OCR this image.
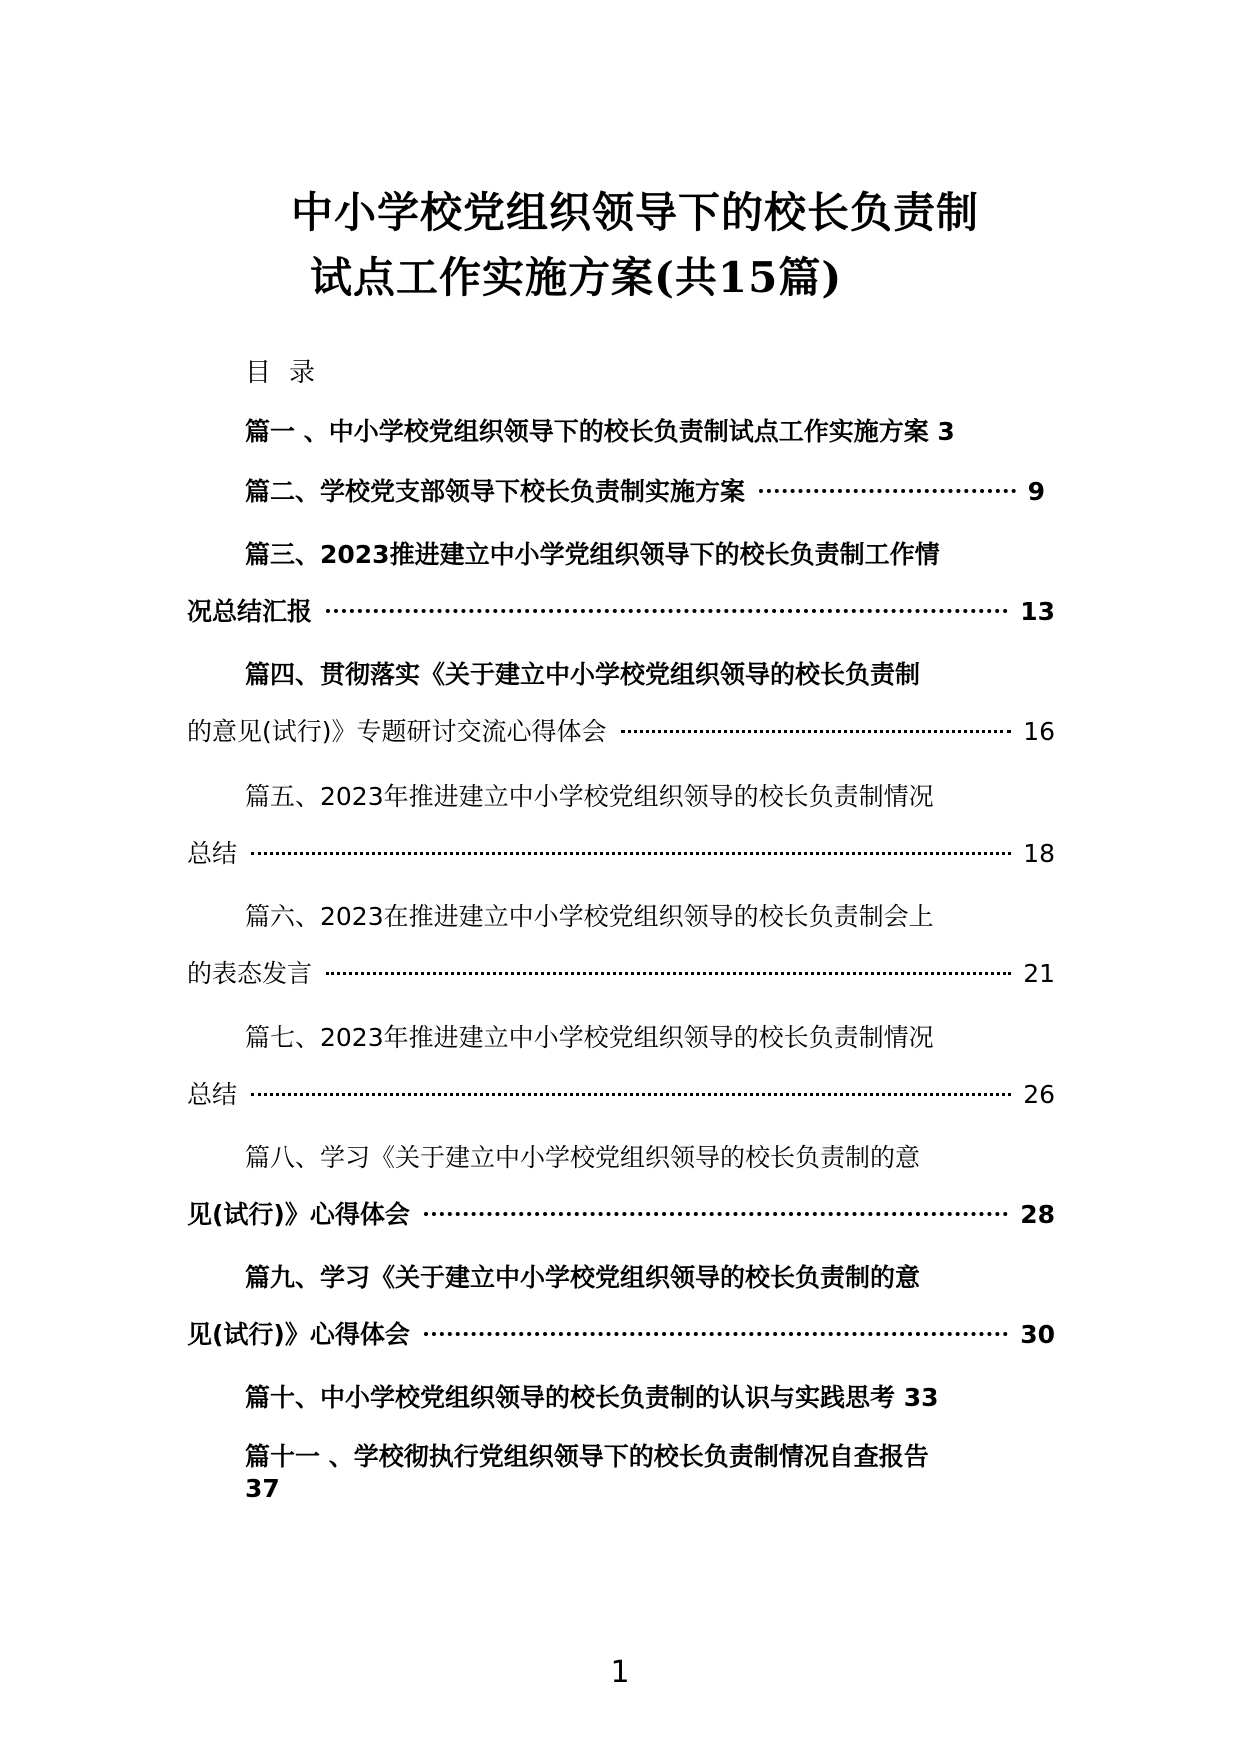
中小学校党组织领导下的校长负责制
试点工作实施方案(共15篇)
目录
篇一 、中小学校党组织领导下的校长负责制试点工作实施方案 3
篇二、学校党支部领导下校长负责制实施方案	9
篇三、2023推进建立中小学党组织领导下的校长负责制工作情
况总结汇报	13
篇四、贯彻落实《关于建立中小学校党组织领导的校长负责制
的意见(试行)》专题研讨交流心得体会	16
篇五、2023年推进建立中小学校党组织领导的校长负责制情况
总结	18
篇六、2023在推进建立中小学校党组织领导的校长负责制会上
的表态发言	21
篇七、2023年推进建立中小学校党组织领导的校长负责制情况
总结	26
篇八、学习《关于建立中小学校党组织领导的校长负责制的意
见(试行)》心得体会	28
篇九、学习《关于建立中小学校党组织领导的校长负责制的意
见(试行)》心得体会	30
篇十、中小学校党组织领导的校长负责制的认识与实践思考 33
篇十一 、学校彻执行党组织领导下的校长负责制情况自查报告
37
1
